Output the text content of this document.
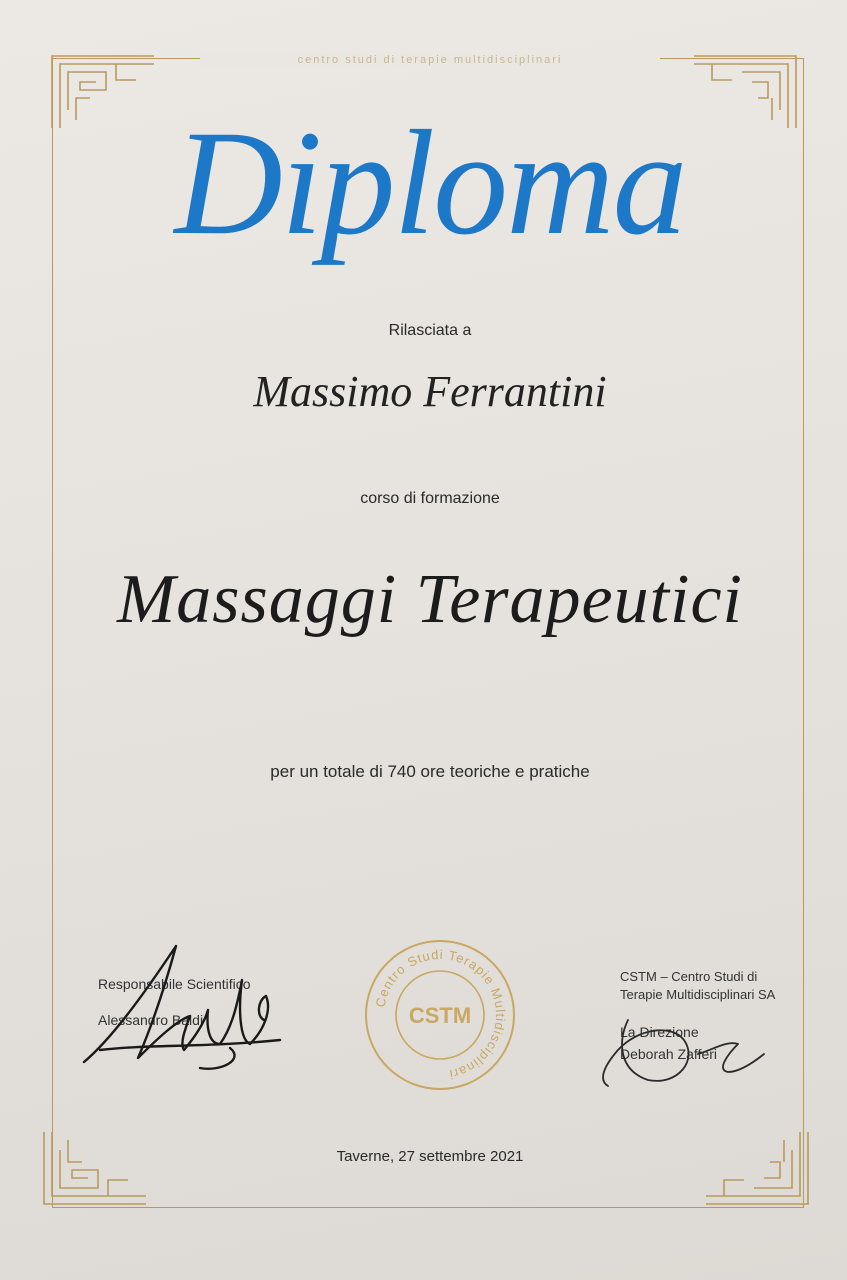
centro studi di terapie multidisciplinari
Diploma
Rilasciata a
Massimo Ferrantini
corso di formazione
Massaggi Terapeutici
per un totale di 740 ore teoriche e pratiche
Responsabile Scientifico
Alessandro Baldi
Centro Studi Terapie Multidisciplinari
CSTM
CSTM – Centro Studi di
Terapie Multidisciplinari SA
La Direzione
Deborah Zafferi
Taverne, 27 settembre 2021
